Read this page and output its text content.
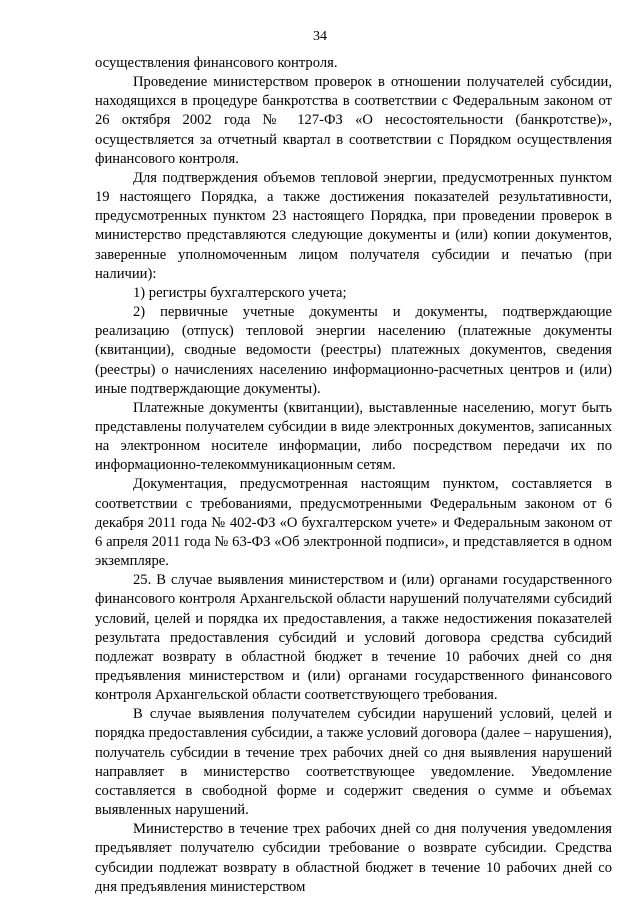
34

осуществления финансового контроля.

Проведение министерством проверок в отношении получателей субсидии, находящихся в процедуре банкротства в соответствии с Федеральным законом от 26 октября 2002 года № 127-ФЗ «О несостоятельности (банкротстве)», осуществляется за отчетный квартал в соответствии с Порядком осуществления финансового контроля.

Для подтверждения объемов тепловой энергии, предусмотренных пунктом 19 настоящего Порядка, а также достижения показателей результативности, предусмотренных пунктом 23 настоящего Порядка, при проведении проверок в министерство представляются следующие документы и (или) копии документов, заверенные уполномоченным лицом получателя субсидии и печатью (при наличии):

1) регистры бухгалтерского учета;

2) первичные учетные документы и документы, подтверждающие реализацию (отпуск) тепловой энергии населению (платежные документы (квитанции), сводные ведомости (реестры) платежных документов, сведения (реестры) о начислениях населению информационно-расчетных центров и (или) иные подтверждающие документы).

Платежные документы (квитанции), выставленные населению, могут быть представлены получателем субсидии в виде электронных документов, записанных на электронном носителе информации, либо посредством передачи их по информационно-телекоммуникационным сетям.

Документация, предусмотренная настоящим пунктом, составляется в соответствии с требованиями, предусмотренными Федеральным законом от 6 декабря 2011 года № 402-ФЗ «О бухгалтерском учете» и Федеральным законом от 6 апреля 2011 года № 63-ФЗ «Об электронной подписи», и представляется в одном экземпляре.

25. В случае выявления министерством и (или) органами государственного финансового контроля Архангельской области нарушений получателями субсидий условий, целей и порядка их предоставления, а также недостижения показателей результата предоставления субсидий и условий договора средства субсидий подлежат возврату в областной бюджет в течение 10 рабочих дней со дня предъявления министерством и (или) органами государственного финансового контроля Архангельской области соответствующего требования.

В случае выявления получателем субсидии нарушений условий, целей и порядка предоставления субсидии, а также условий договора (далее – нарушения), получатель субсидии в течение трех рабочих дней со дня выявления нарушений направляет в министерство соответствующее уведомление. Уведомление составляется в свободной форме и содержит сведения о сумме и объемах выявленных нарушений.

Министерство в течение трех рабочих дней со дня получения уведомления предъявляет получателю субсидии требование о возврате субсидии. Средства субсидии подлежат возврату в областной бюджет в течение 10 рабочих дней со дня предъявления министерством
